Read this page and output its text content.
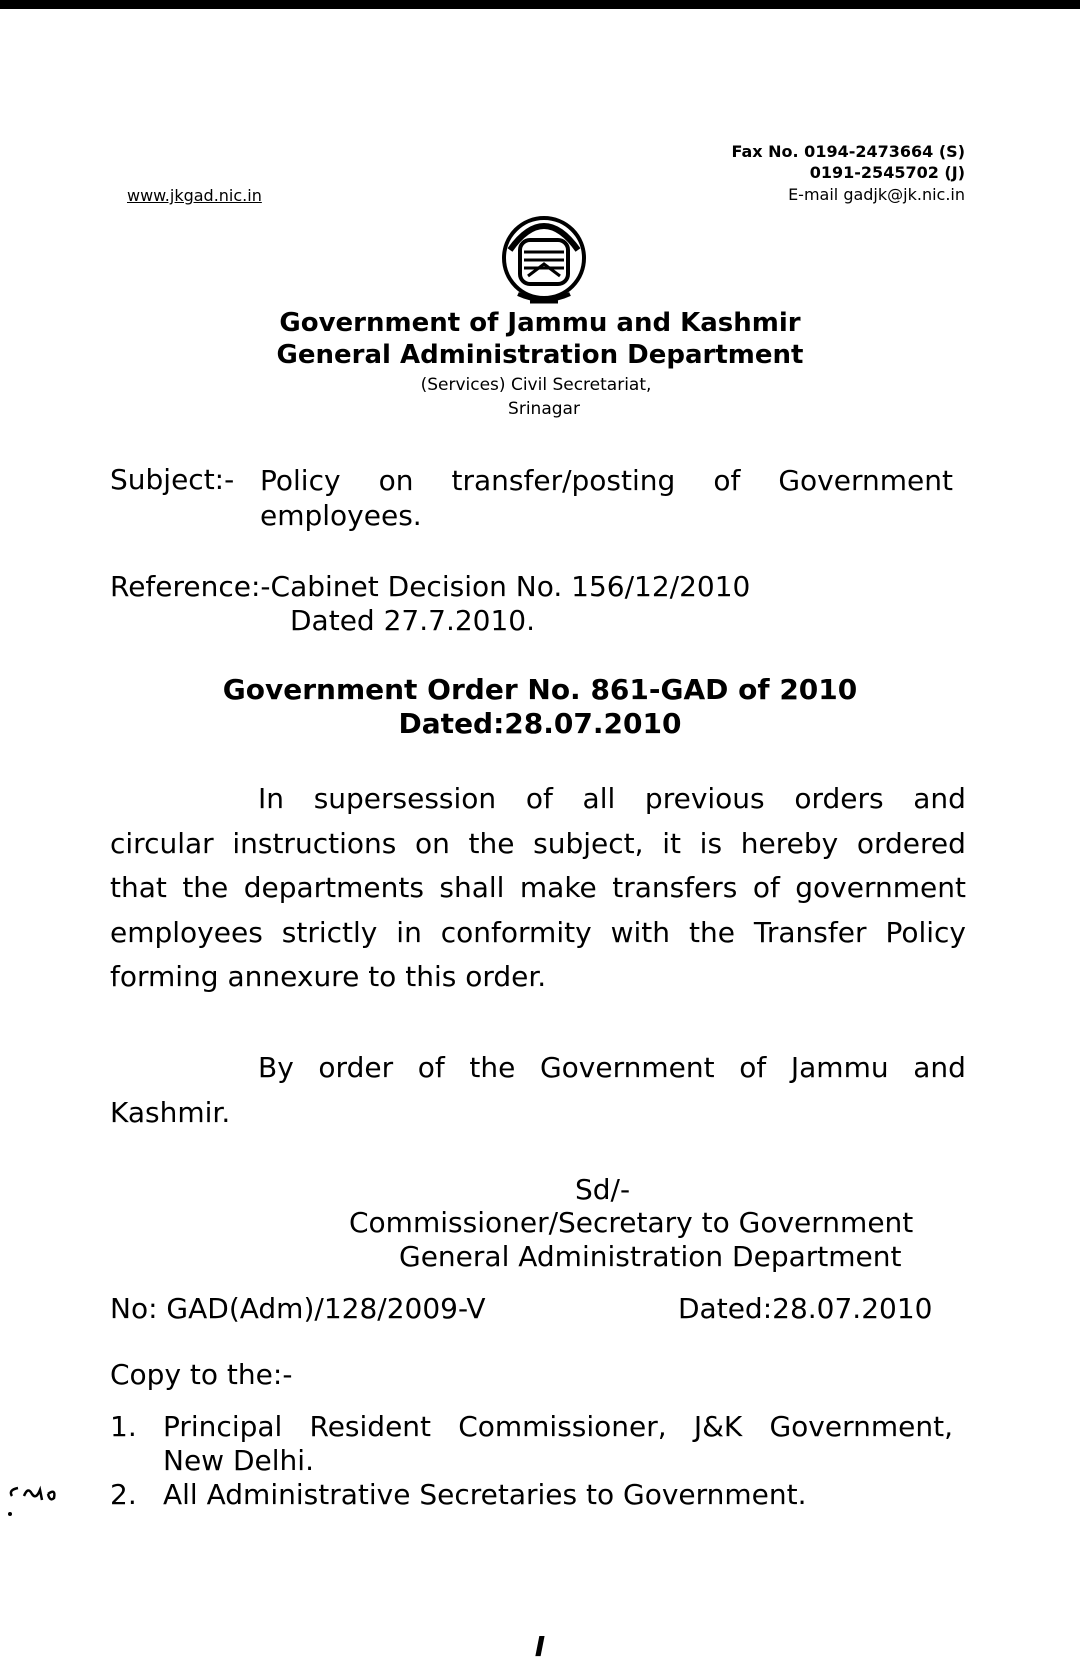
Fax No. 0194-2473664 (S)
0191-2545702 (J)
E-mail gadjk@jk.nic.in
www.jkgad.nic.in
Government of Jammu and Kashmir
General Administration Department
(Services) Civil Secretariat,
Srinagar
Subject:- Policy on transfer/posting of Government
employees.
Reference:-Cabinet Decision No. 156/12/2010
Dated 27.7.2010.
Government Order No. 861-GAD of 2010
Dated:28.07.2010
In supersession of all previous orders and
circular instructions on the subject, it is hereby ordered
that the departments shall make transfers of government
employees strictly in conformity with the Transfer Policy
forming annexure to this order.
By order of the Government of Jammu and
Kashmir.
Sd/-
Commissioner/Secretary to Government
General Administration Department
No: GAD(Adm)/128/2009-V	Dated:28.07.2010
Copy to the:-
1. Principal Resident Commissioner, J&K Government,
New Delhi.
2. All Administrative Secretaries to Government.
I
